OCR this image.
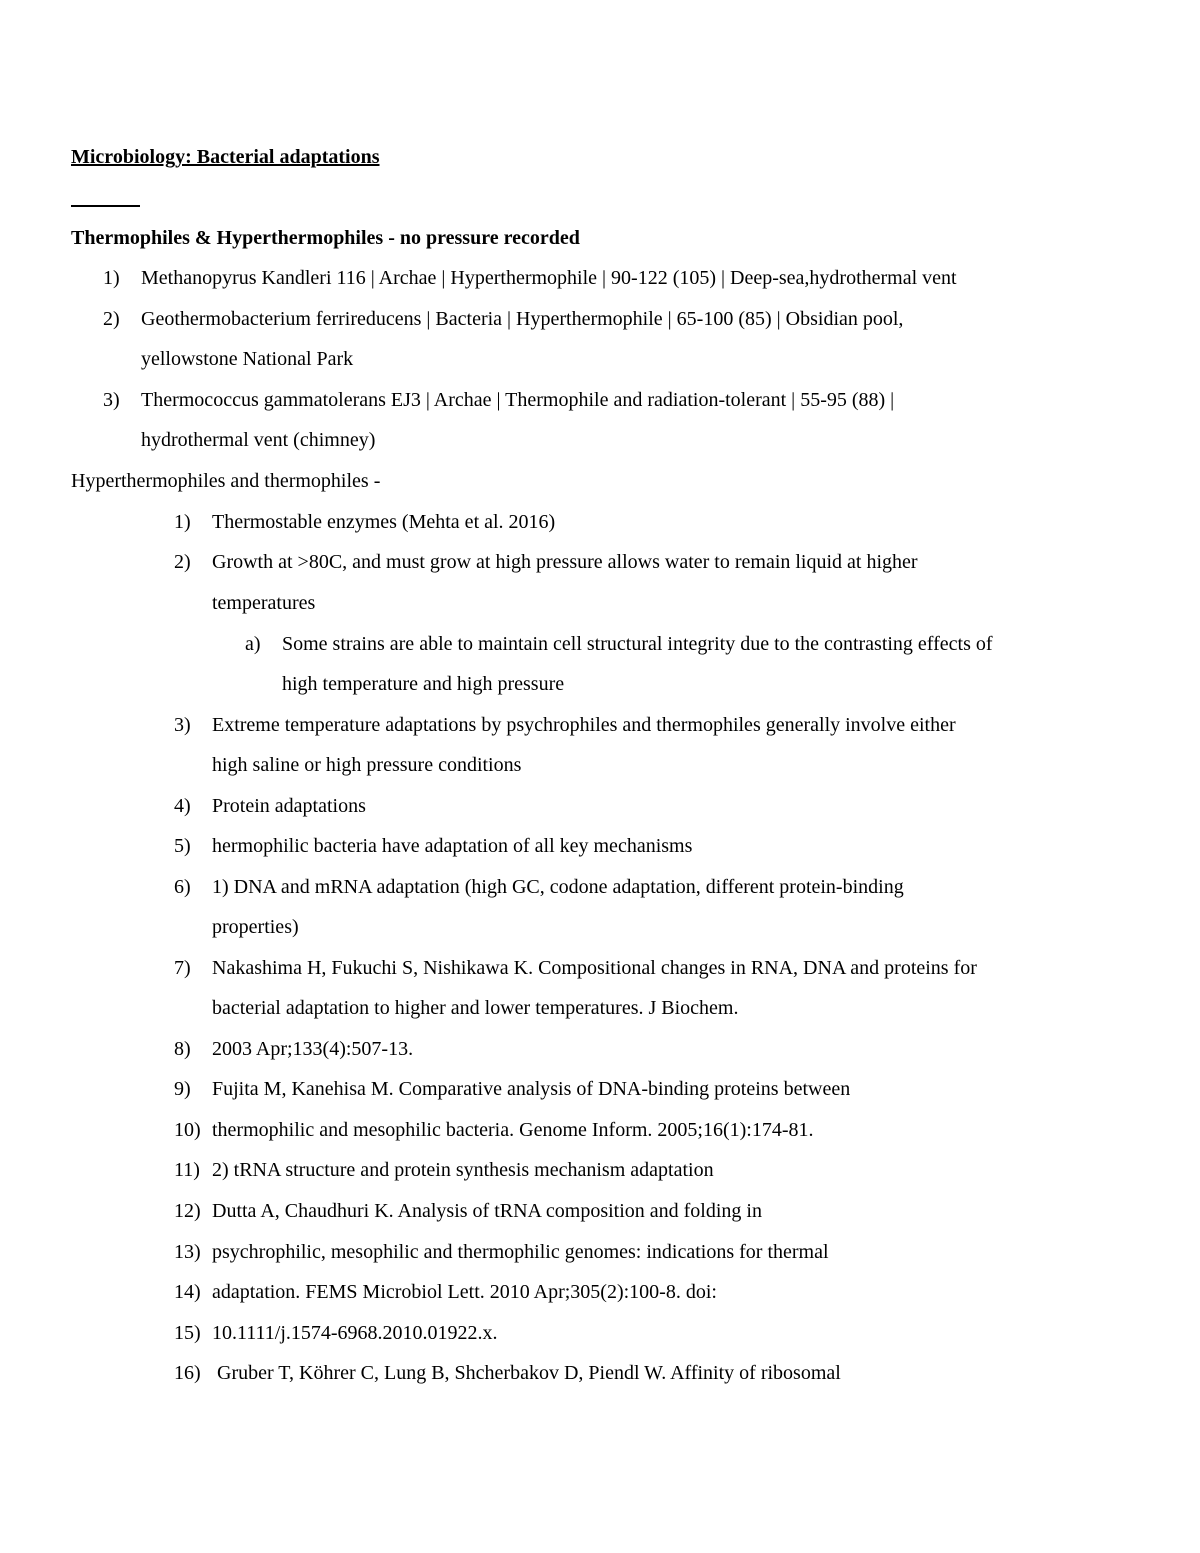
Microbiology: Bacterial adaptations
Thermophiles & Hyperthermophiles - no pressure recorded
1) Methanopyrus Kandleri 116 | Archae | Hyperthermophile | 90-122 (105) | Deep-sea,hydrothermal vent
2) Geothermobacterium ferrireducens | Bacteria | Hyperthermophile | 65-100 (85) | Obsidian pool,
yellowstone National Park
3) Thermococcus gammatolerans EJ3 | Archae | Thermophile and radiation-tolerant | 55-95 (88) |
hydrothermal vent (chimney)
Hyperthermophiles and thermophiles -
1) Thermostable enzymes (Mehta et al. 2016)
2) Growth at >80C, and must grow at high pressure allows water to remain liquid at higher
temperatures
a) Some strains are able to maintain cell structural integrity due to the contrasting effects of
high temperature and high pressure
3) Extreme temperature adaptations by psychrophiles and thermophiles generally involve either
high saline or high pressure conditions
4) Protein adaptations
5) hermophilic bacteria have adaptation of all key mechanisms
6) 1) DNA and mRNA adaptation (high GC, codone adaptation, different protein-binding
properties)
7) Nakashima H, Fukuchi S, Nishikawa K. Compositional changes in RNA, DNA and proteins for
bacterial adaptation to higher and lower temperatures. J Biochem.
8) 2003 Apr;133(4):507-13.
9) Fujita M, Kanehisa M. Comparative analysis of DNA-binding proteins between
10) thermophilic and mesophilic bacteria. Genome Inform. 2005;16(1):174-81.
11) 2) tRNA structure and protein synthesis mechanism adaptation
12) Dutta A, Chaudhuri K. Analysis of tRNA composition and folding in
13) psychrophilic, mesophilic and thermophilic genomes: indications for thermal
14) adaptation. FEMS Microbiol Lett. 2010 Apr;305(2):100-8. doi:
15) 10.1111/j.1574-6968.2010.01922.x.
16) Gruber T, Köhrer C, Lung B, Shcherbakov D, Piendl W. Affinity of ribosomal
